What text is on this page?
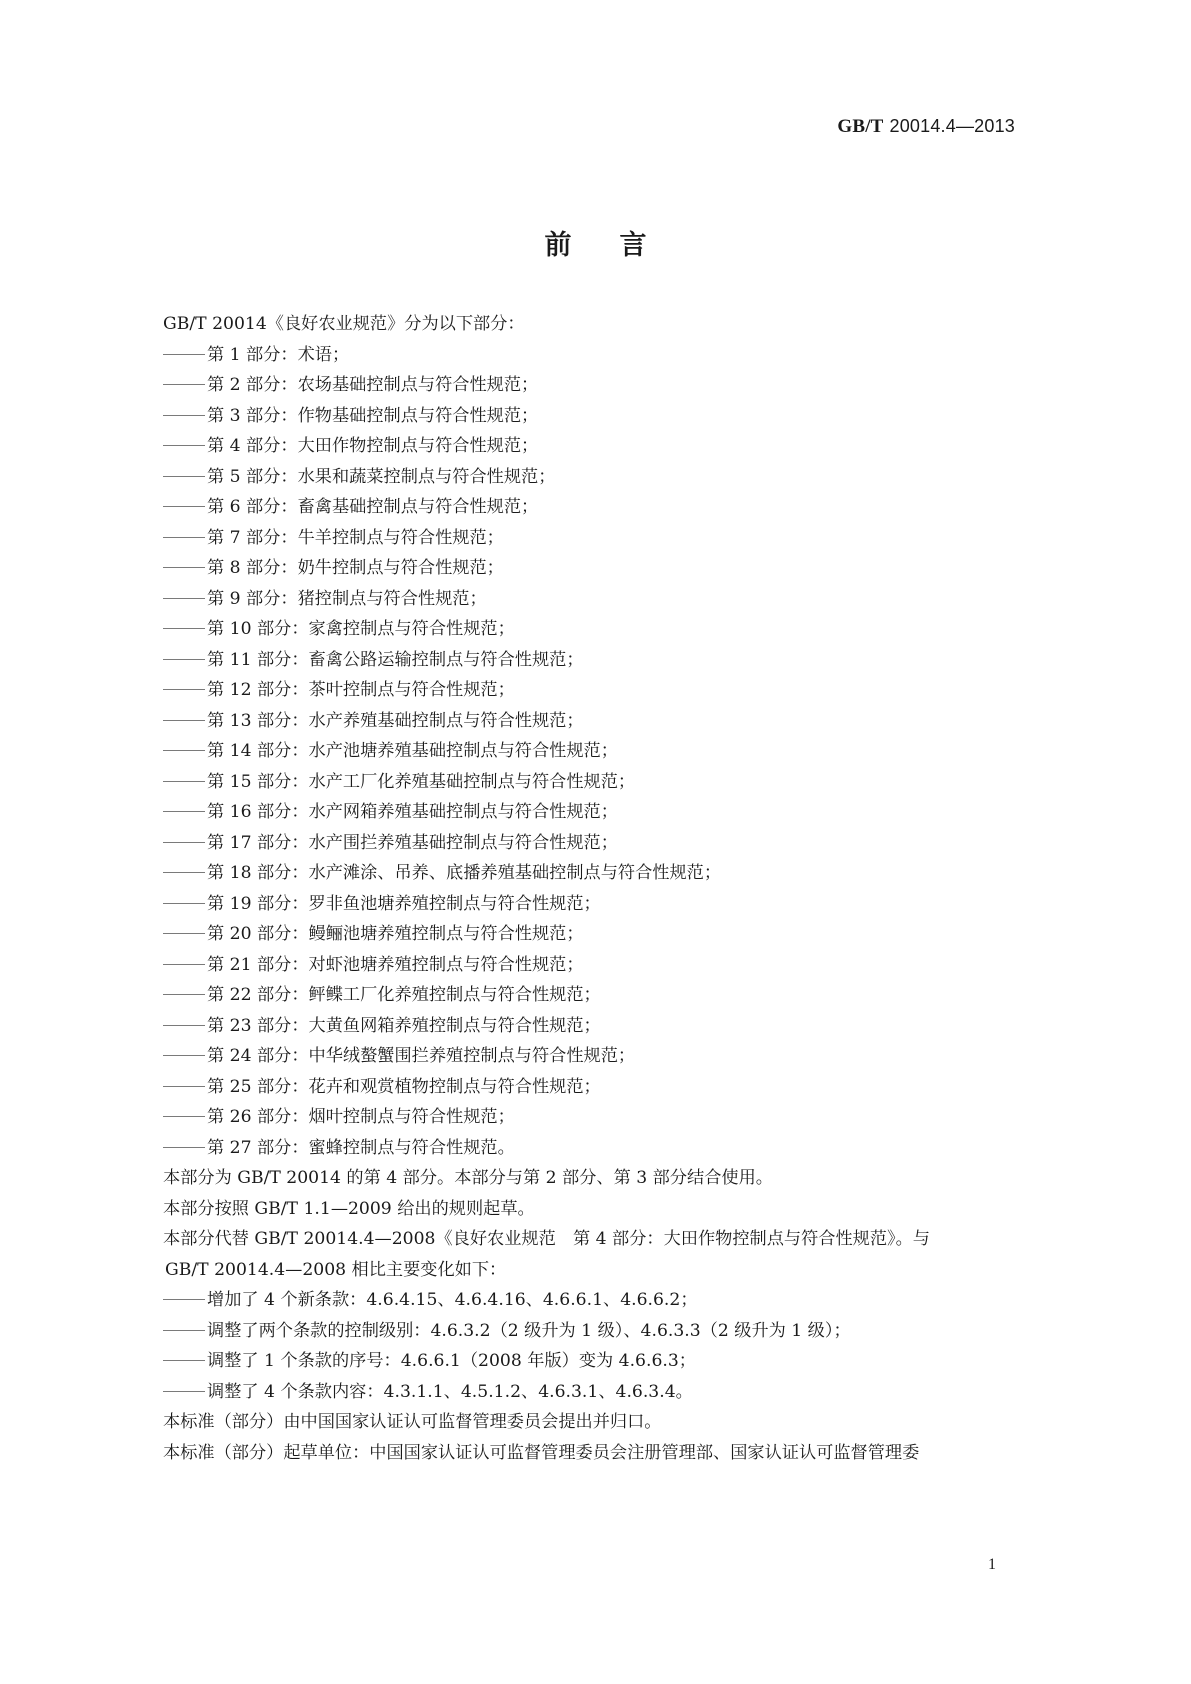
GB/T 20014.4—2013
前言
GB/T 20014《良好农业规范》分为以下部分：
第 1 部分：术语；
第 2 部分：农场基础控制点与符合性规范；
第 3 部分：作物基础控制点与符合性规范；
第 4 部分：大田作物控制点与符合性规范；
第 5 部分：水果和蔬菜控制点与符合性规范；
第 6 部分：畜禽基础控制点与符合性规范；
第 7 部分：牛羊控制点与符合性规范；
第 8 部分：奶牛控制点与符合性规范；
第 9 部分：猪控制点与符合性规范；
第 10 部分：家禽控制点与符合性规范；
第 11 部分：畜禽公路运输控制点与符合性规范；
第 12 部分：茶叶控制点与符合性规范；
第 13 部分：水产养殖基础控制点与符合性规范；
第 14 部分：水产池塘养殖基础控制点与符合性规范；
第 15 部分：水产工厂化养殖基础控制点与符合性规范；
第 16 部分：水产网箱养殖基础控制点与符合性规范；
第 17 部分：水产围拦养殖基础控制点与符合性规范；
第 18 部分：水产滩涂、吊养、底播养殖基础控制点与符合性规范；
第 19 部分：罗非鱼池塘养殖控制点与符合性规范；
第 20 部分：鳗鲡池塘养殖控制点与符合性规范；
第 21 部分：对虾池塘养殖控制点与符合性规范；
第 22 部分：鲆鲽工厂化养殖控制点与符合性规范；
第 23 部分：大黄鱼网箱养殖控制点与符合性规范；
第 24 部分：中华绒螯蟹围拦养殖控制点与符合性规范；
第 25 部分：花卉和观赏植物控制点与符合性规范；
第 26 部分：烟叶控制点与符合性规范；
第 27 部分：蜜蜂控制点与符合性规范。
本部分为 GB/T 20014 的第 4 部分。本部分与第 2 部分、第 3 部分结合使用。
本部分按照 GB/T 1.1—2009 给出的规则起草。
本部分代替 GB/T 20014.4—2008《良好农业规范　第 4 部分：大田作物控制点与符合性规范》。与
GB/T 20014.4—2008 相比主要变化如下：
增加了 4 个新条款：4.6.4.15、4.6.4.16、4.6.6.1、4.6.6.2；
调整了两个条款的控制级别：4.6.3.2（2 级升为 1 级）、4.6.3.3（2 级升为 1 级）；
调整了 1 个条款的序号：4.6.6.1（2008 年版）变为 4.6.6.3；
调整了 4 个条款内容：4.3.1.1、4.5.1.2、4.6.3.1、4.6.3.4。
本标准（部分）由中国国家认证认可监督管理委员会提出并归口。
本标准（部分）起草单位：中国国家认证认可监督管理委员会注册管理部、国家认证认可监督管理委
1
